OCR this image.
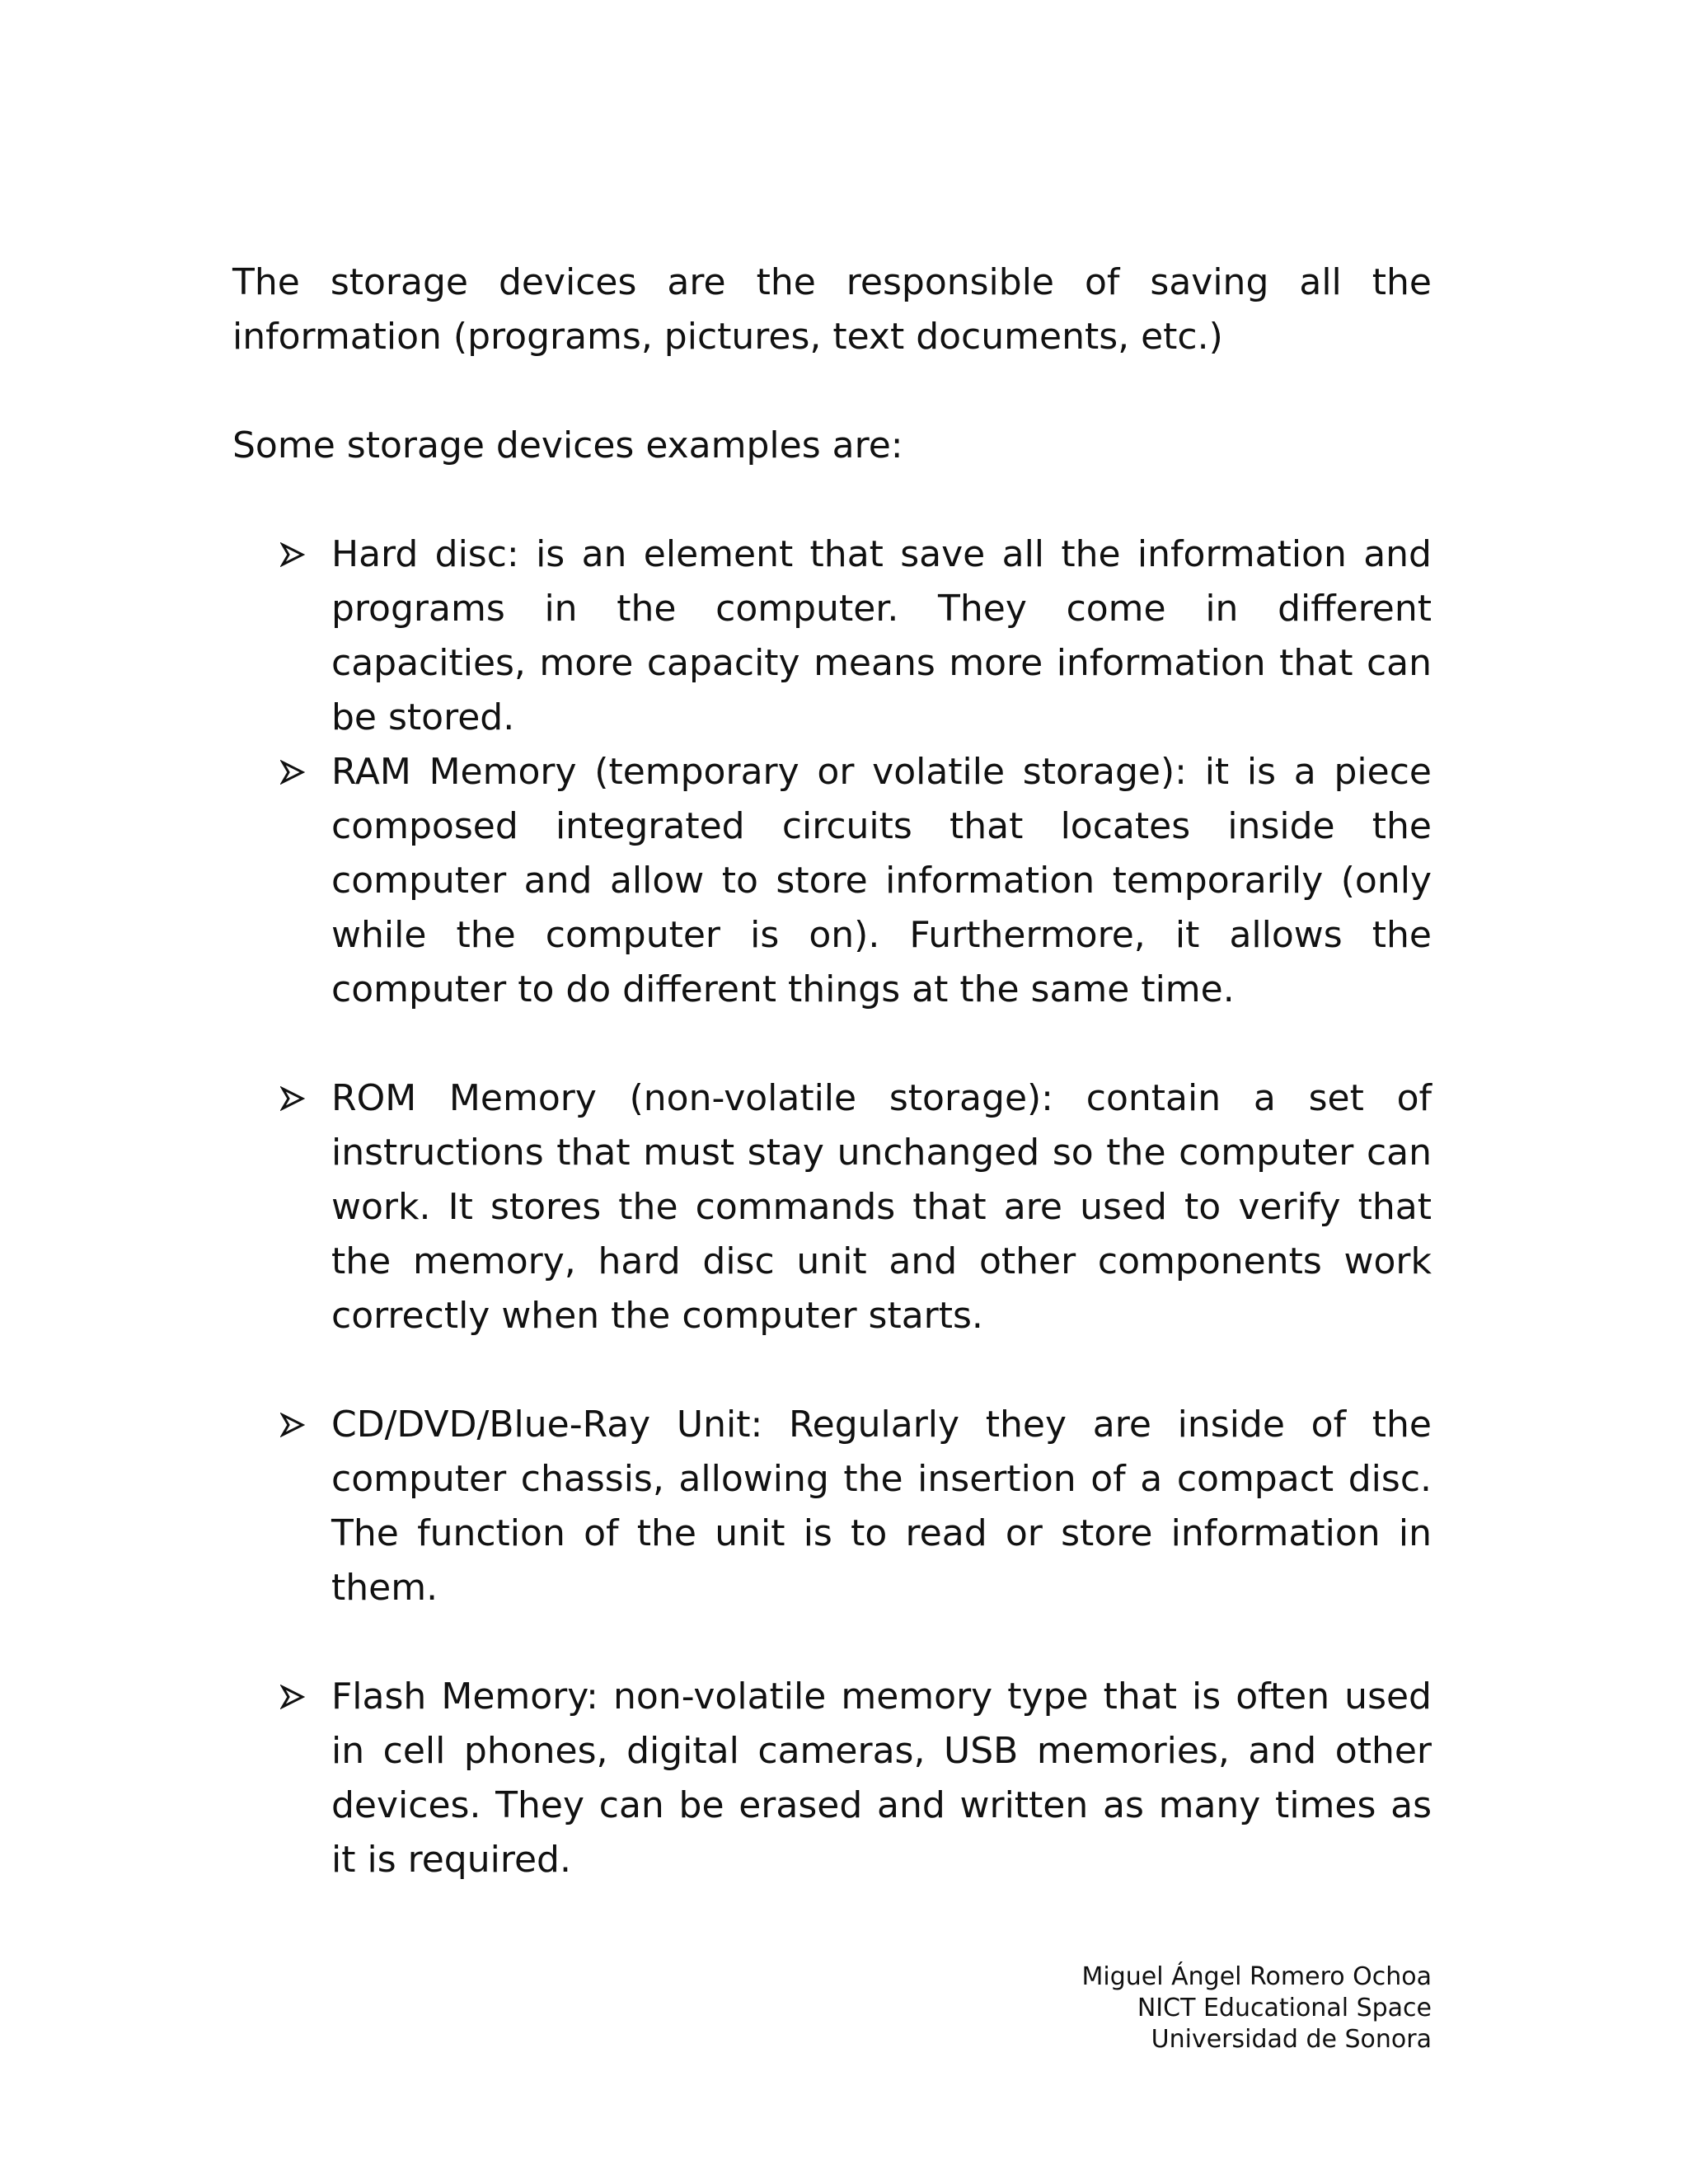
The storage devices are the responsible of saving all the information (programs, pictures, text documents, etc.)

Some storage devices examples are:

Hard disc: is an element that save all the information and programs in the computer. They come in different capacities, more capacity means more information that can be stored.
RAM Memory (temporary or volatile storage): it is a piece composed integrated circuits that locates inside the computer and allow to store information temporarily (only while the computer is on). Furthermore, it allows the computer to do different things at the same time.
ROM Memory (non-volatile storage): contain a set of instructions that must stay unchanged so the computer can work. It stores the commands that are used to verify that the memory, hard disc unit and other components work correctly when the computer starts.
CD/DVD/Blue-Ray Unit: Regularly they are inside of the computer chassis, allowing the insertion of a compact disc. The function of the unit is to read or store information in them.
Flash Memory: non-volatile memory type that is often used in cell phones, digital cameras, USB memories, and other devices. They can be erased and written as many times as it is required.
Miguel Ángel Romero Ochoa
NICT Educational Space
Universidad de Sonora
